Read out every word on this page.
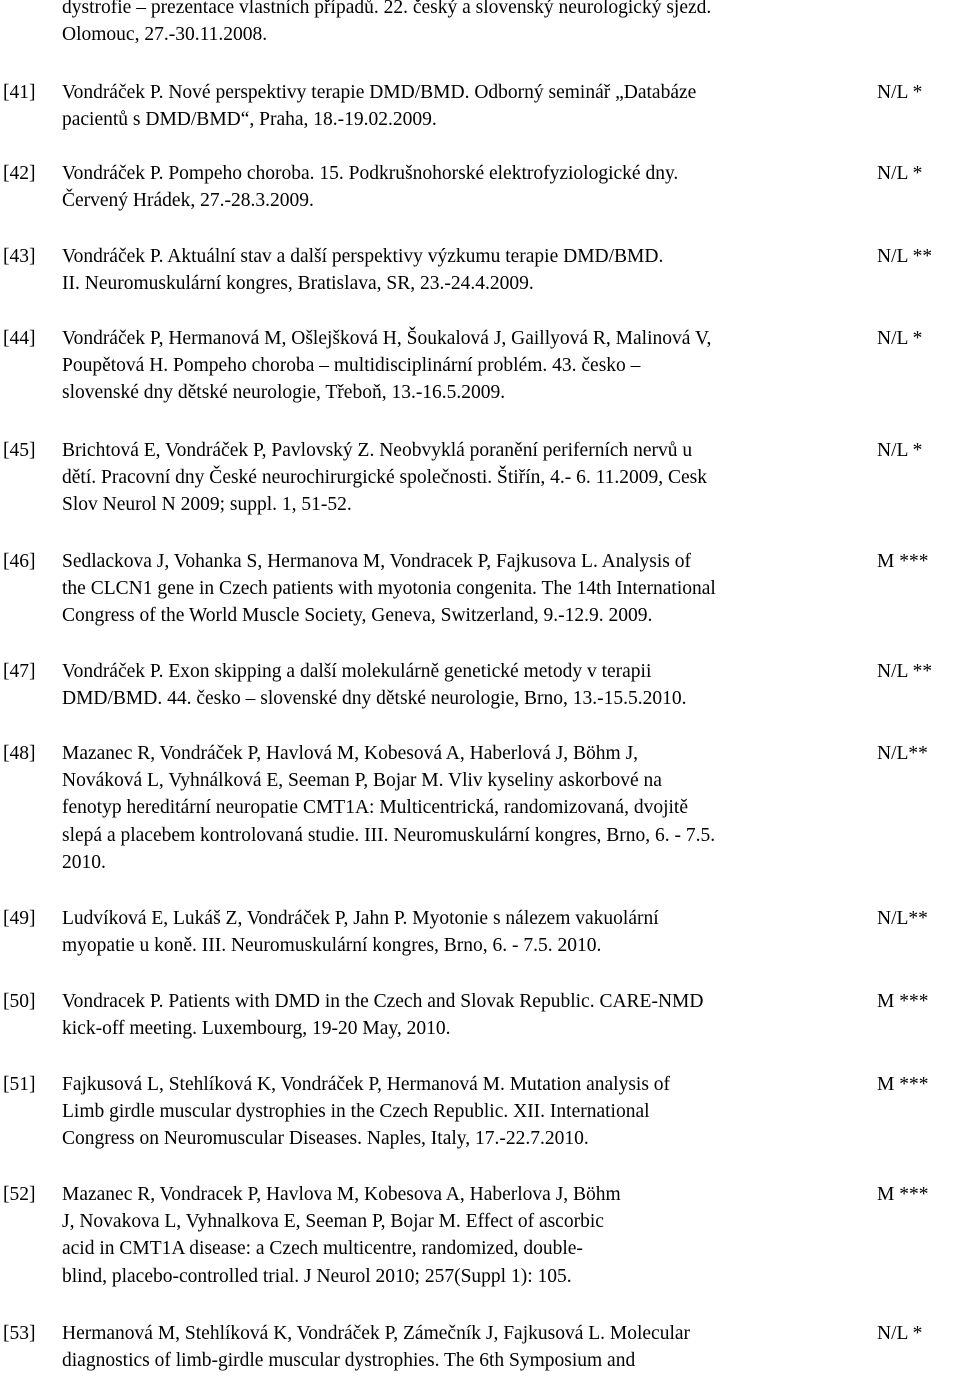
dystrofie – prezentace vlastních případů. 22. český a slovenský neurologický sjezd.
Olomouc, 27.-30.11.2008.
[41] Vondráček P. Nové perspektivy terapie DMD/BMD. Odborný seminář „Databáze
pacientů s DMD/BMD“, Praha, 18.-19.02.2009.
N/L *
[42] Vondráček P. Pompeho choroba. 15. Podkrušnohorské elektrofyziologické dny.
Červený Hrádek, 27.-28.3.2009.
N/L *
[43] Vondráček P. Aktuální stav a další perspektivy výzkumu terapie DMD/BMD.
II. Neuromuskulární kongres, Bratislava, SR, 23.-24.4.2009.
N/L **
[44] Vondráček P, Hermanová M, Ošlejšková H, Šoukalová J, Gaillyová R, Malinová V,
Poupětová H. Pompeho choroba – multidisciplinární problém. 43. česko –
slovenské dny dětské neurologie, Třeboň, 13.-16.5.2009.
N/L *
[45] Brichtová E, Vondráček P, Pavlovský Z. Neobvyklá poranění periferních nervů u
dětí. Pracovní dny České neurochirurgické společnosti. Štiřín, 4.- 6. 11.2009, Cesk
Slov Neurol N 2009; suppl. 1, 51-52.
N/L *
[46] Sedlackova J, Vohanka S, Hermanova M, Vondracek P, Fajkusova L. Analysis of
the CLCN1 gene in Czech patients with myotonia congenita. The 14th International
Congress of the World Muscle Society, Geneva, Switzerland, 9.-12.9. 2009.
M ***
[47] Vondráček P. Exon skipping a další molekulárně genetické metody v terapii
DMD/BMD. 44. česko – slovenské dny dětské neurologie, Brno, 13.-15.5.2010.
N/L **
[48] Mazanec R, Vondráček P, Havlová M, Kobesová A, Haberlová J, Böhm J,
Nováková L, Vyhnálková E, Seeman P, Bojar M. Vliv kyseliny askorbové na
fenotyp hereditární neuropatie CMT1A: Multicentrická, randomizovaná, dvojitě
slepá a placebem kontrolovaná studie. III. Neuromuskulární kongres, Brno, 6. - 7.5.
2010.
N/L**
[49] Ludvíková E, Lukáš Z, Vondráček P, Jahn P. Myotonie s nálezem vakuolární
myopatie u koně. III. Neuromuskulární kongres, Brno, 6. - 7.5. 2010.
N/L**
[50] Vondracek P. Patients with DMD in the Czech and Slovak Republic. CARE-NMD
kick-off meeting. Luxembourg, 19-20 May, 2010.
M ***
[51] Fajkusová L, Stehlíková K, Vondráček P, Hermanová M. Mutation analysis of
Limb girdle muscular dystrophies in the Czech Republic. XII. International
Congress on Neuromuscular Diseases. Naples, Italy, 17.-22.7.2010.
M ***
[52] Mazanec R, Vondracek P, Havlova M, Kobesova A, Haberlova J, Böhm
J, Novakova L, Vyhnalkova E, Seeman P, Bojar M. Effect of ascorbic
acid in CMT1A disease: a Czech multicentre, randomized, double-
blind, placebo-controlled trial. J Neurol 2010; 257(Suppl 1): 105.
M ***
[53] Hermanová M, Stehlíková K, Vondráček P, Zámečník J, Fajkusová L. Molecular
diagnostics of limb-girdle muscular dystrophies. The 6th Symposium and
N/L *
